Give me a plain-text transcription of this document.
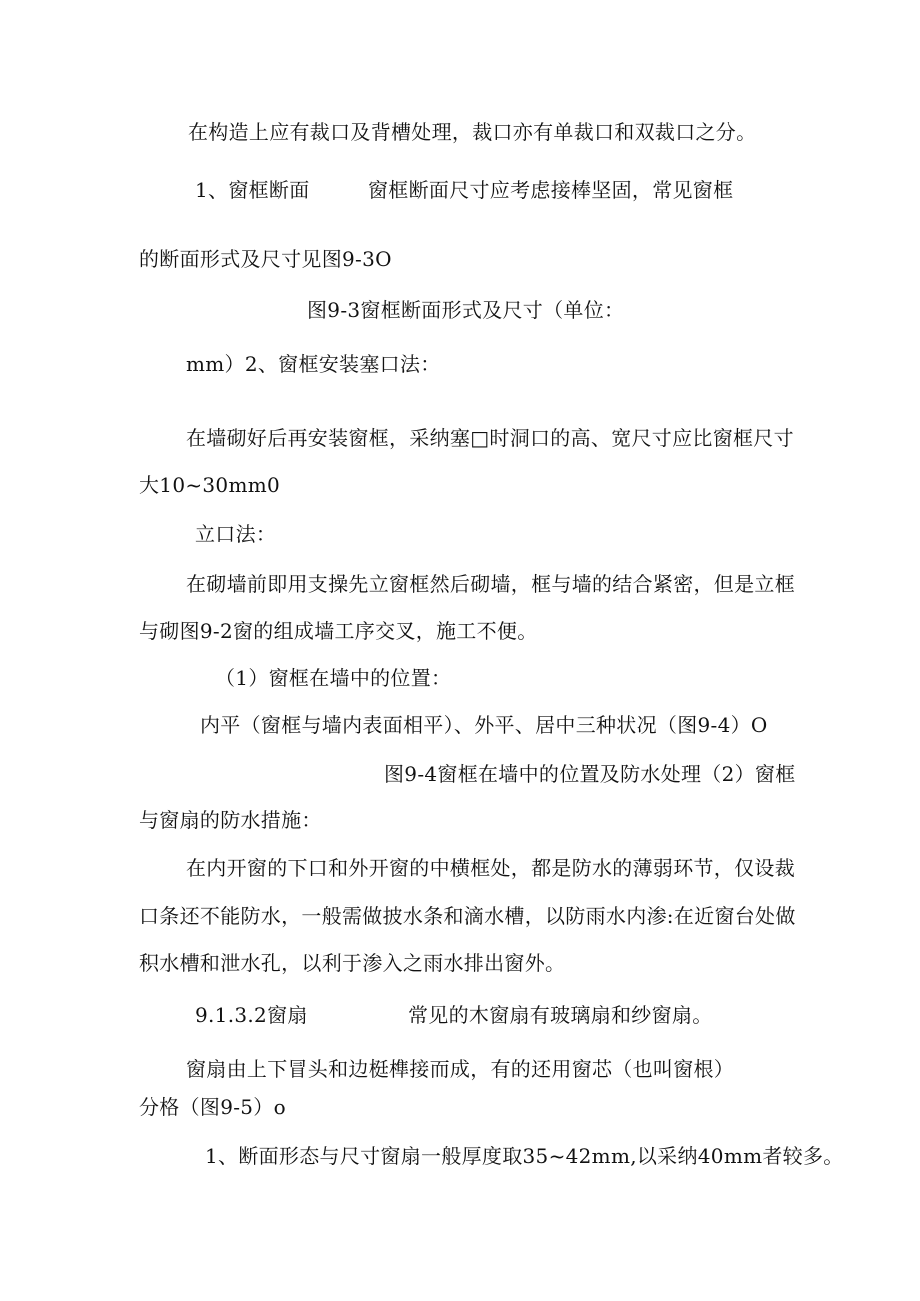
在构造上应有裁口及背槽处理，裁口亦有单裁口和双裁口之分。
1、窗框断面	窗框断面尺寸应考虑接棒坚固，常见窗框
的断面形式及尺寸见图9-3O
图9-3窗框断面形式及尺寸（单位：
mm）2、窗框安装塞口法：
在墙砌好后再安装窗框，采纳塞□时洞口的高、宽尺寸应比窗框尺寸
大10~30mm0
立口法：
在砌墙前即用支操先立窗框然后砌墙，框与墙的结合紧密，但是立框
与砌图9-2窗的组成墙工序交叉，施工不便。
（1）窗框在墙中的位置：
内平（窗框与墙内表面相平）、外平、居中三种状况（图9-4）O
图9-4窗框在墙中的位置及防水处理（2）窗框
与窗扇的防水措施：
在内开窗的下口和外开窗的中横框处，都是防水的薄弱环节，仅设裁
口条还不能防水，一般需做披水条和滴水槽，以防雨水内渗:在近窗台处做
积水槽和泄水孔，以利于渗入之雨水排出窗外。
9.1.3.2窗扇	常见的木窗扇有玻璃扇和纱窗扇。
窗扇由上下冒头和边梃榫接而成，有的还用窗芯（也叫窗根）
分格（图9-5）o
1、断面形态与尺寸窗扇一般厚度取35~42mm,以采纳40mm者较多。
